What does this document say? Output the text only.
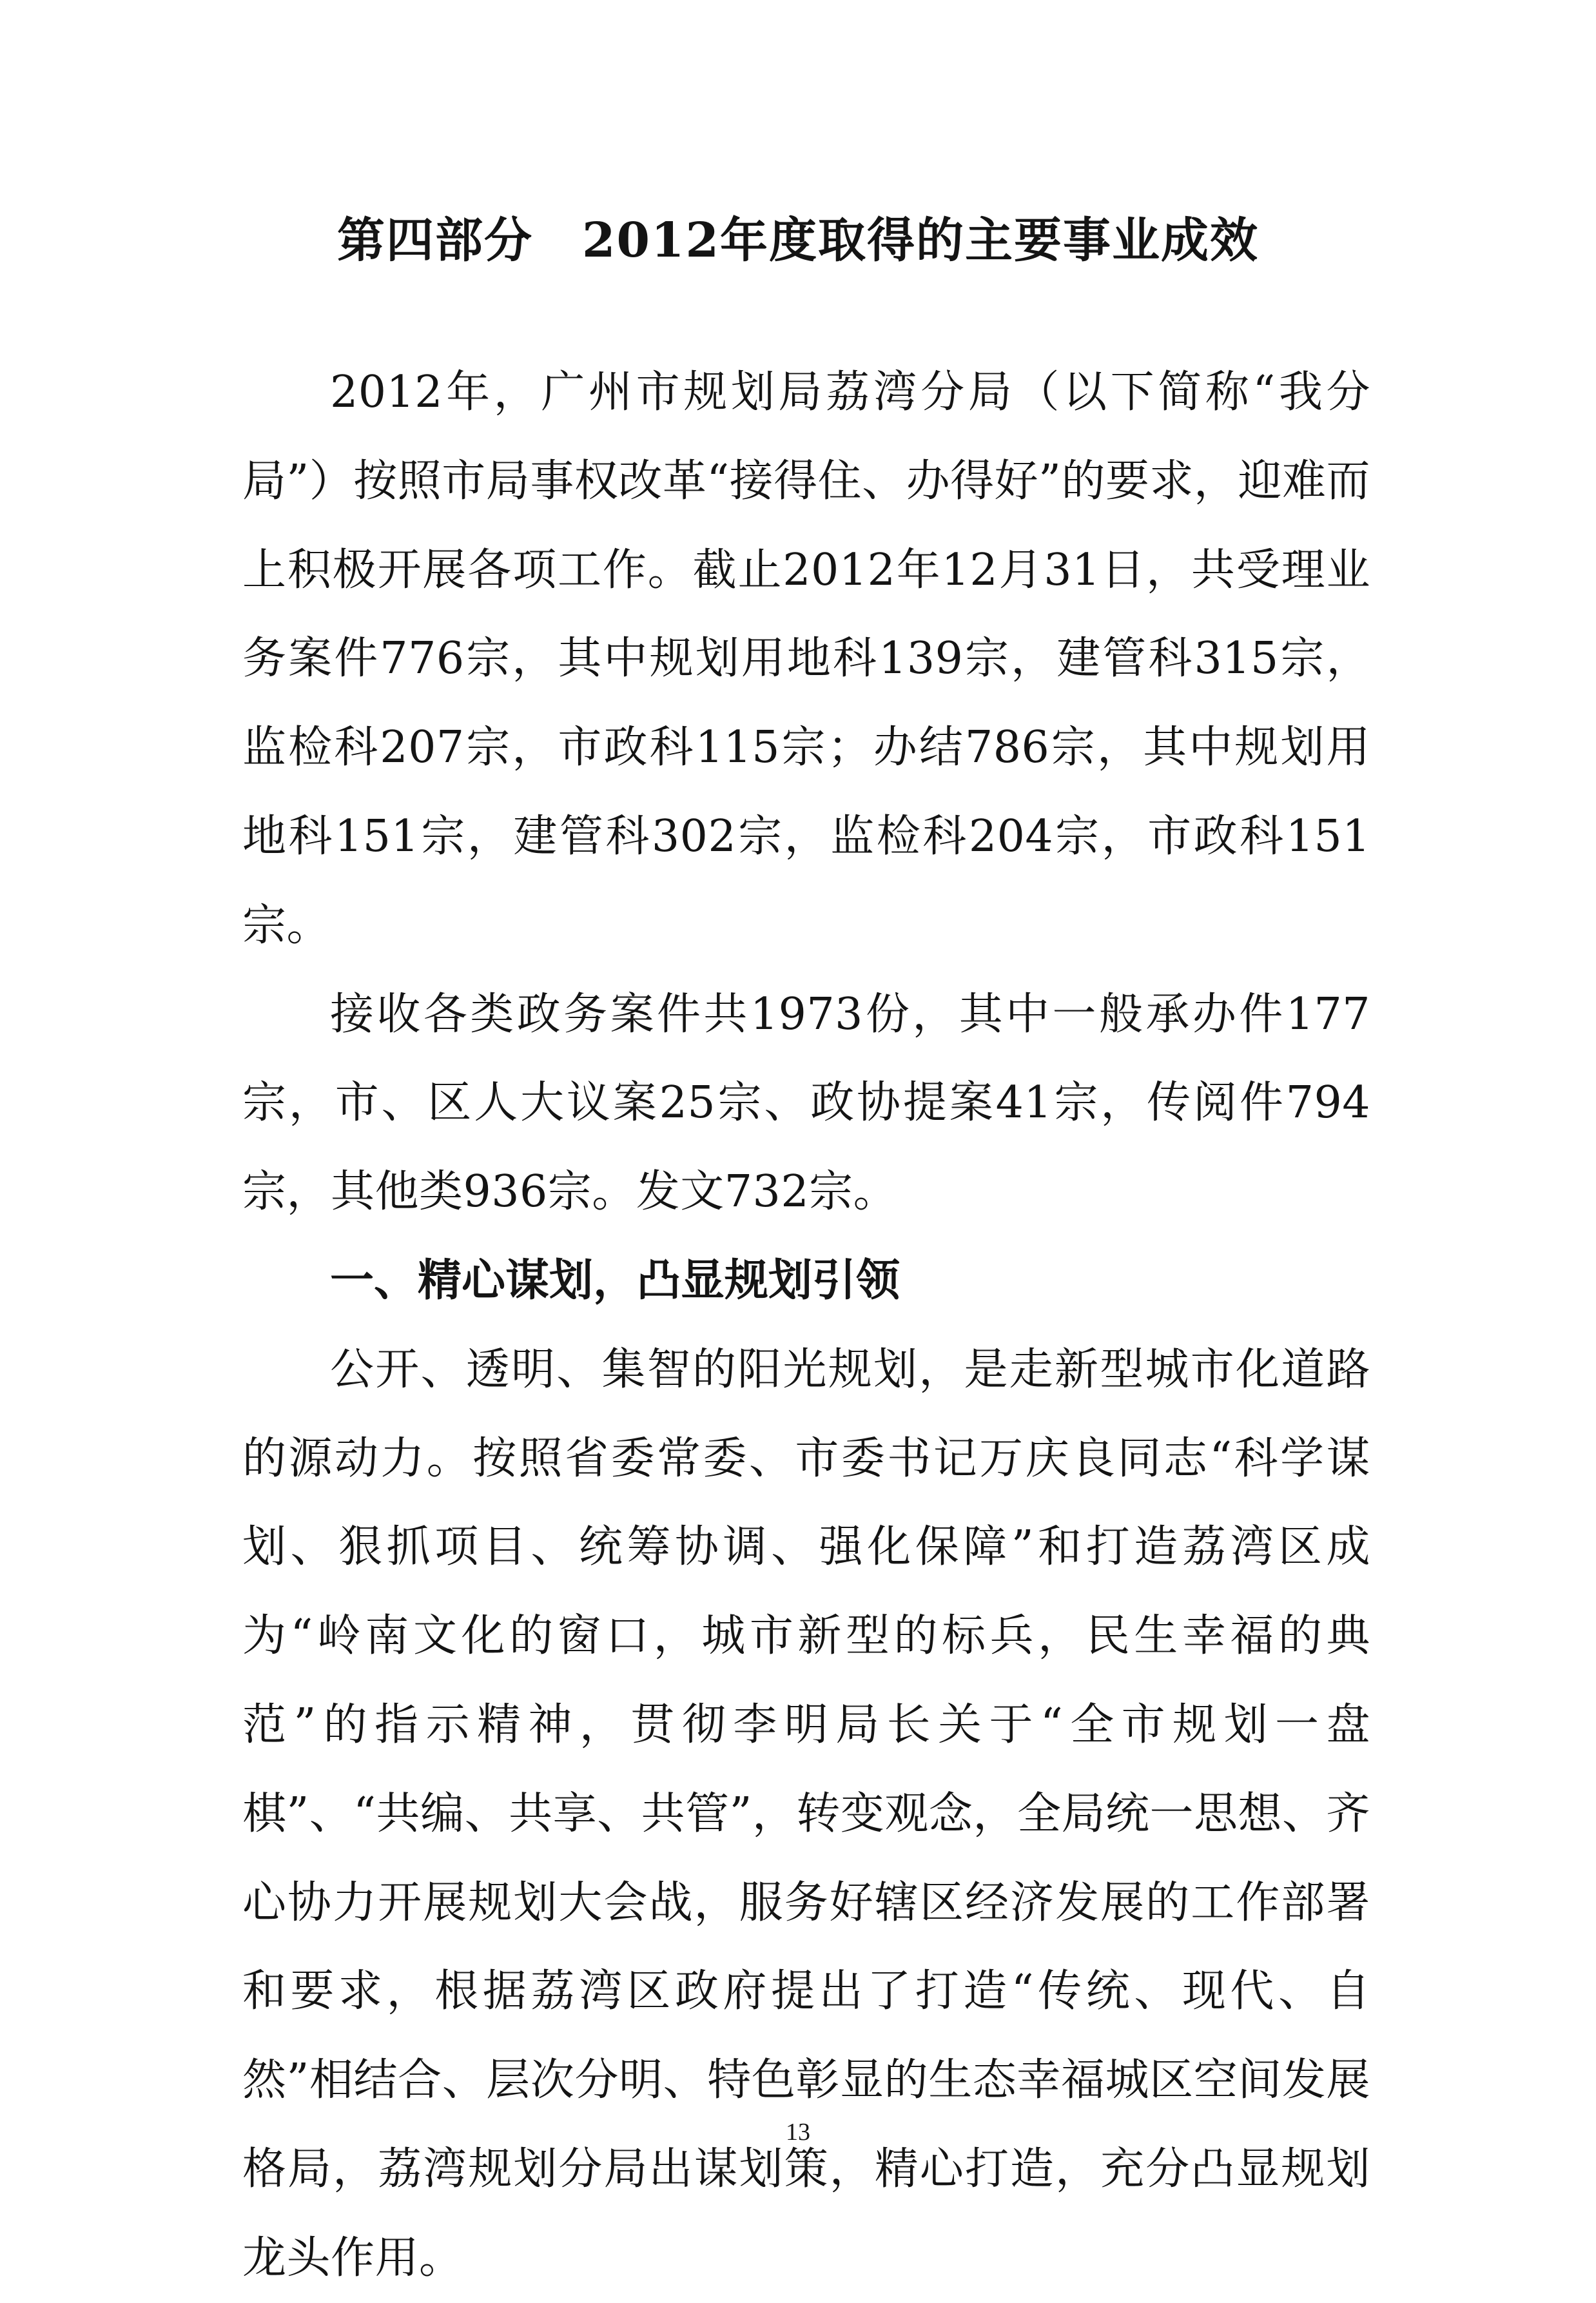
第四部分　2012年度取得的主要事业成效

2012年，广州市规划局荔湾分局（以下简称“我分局”）按照市局事权改革“接得住、办得好”的要求，迎难而上积极开展各项工作。截止2012年12月31日，共受理业务案件776宗，其中规划用地科139宗，建管科315宗，监检科207宗，市政科115宗；办结786宗，其中规划用地科151宗，建管科302宗，监检科204宗，市政科151宗。

接收各类政务案件共1973份，其中一般承办件177宗，市、区人大议案25宗、政协提案41宗，传阅件794宗，其他类936宗。发文732宗。

一、精心谋划，凸显规划引领

公开、透明、集智的阳光规划，是走新型城市化道路的源动力。按照省委常委、市委书记万庆良同志“科学谋划、狠抓项目、统筹协调、强化保障”和打造荔湾区成为“岭南文化的窗口，城市新型的标兵，民生幸福的典范”的指示精神，贯彻李明局长关于“全市规划一盘棋”、“共编、共享、共管”，转变观念，全局统一思想、齐心协力开展规划大会战，服务好辖区经济发展的工作部署和要求，根据荔湾区政府提出了打造“传统、现代、自然”相结合、层次分明、特色彰显的生态幸福城区空间发展格局，荔湾规划分局出谋划策，精心打造，充分凸显规划龙头作用。

13
